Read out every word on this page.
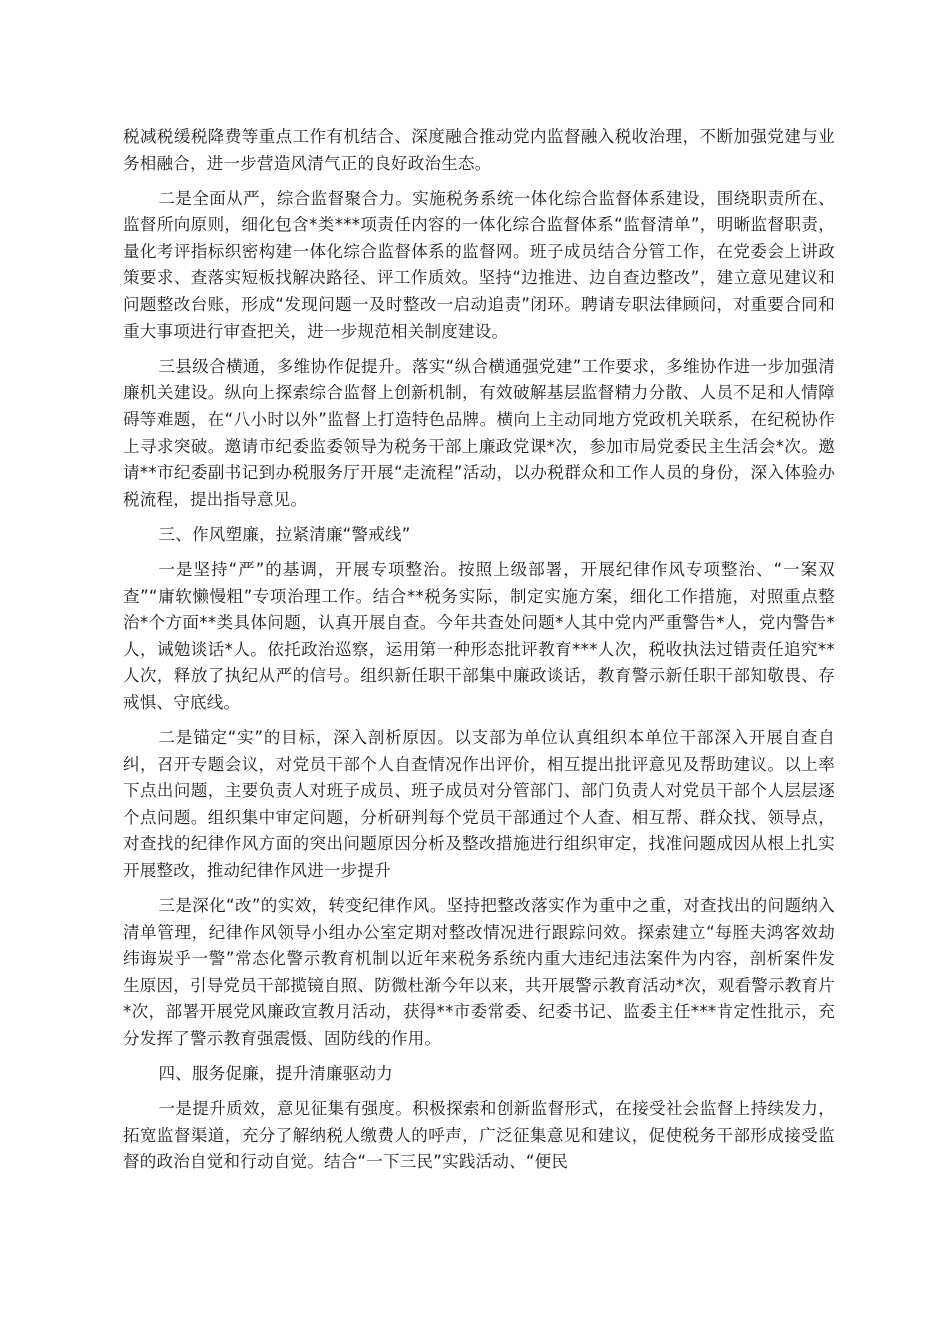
税减税缓税降费等重点工作有机结合、深度融合推动党内监督融入税收治理，不断加强党建与业务相融合，进一步营造风清气正的良好政治生态。

二是全面从严，综合监督聚合力。实施税务系统一体化综合监督体系建设，围绕职责所在、监督所向原则，细化包含*类***项责任内容的一体化综合监督体系“监督清单”，明晰监督职责，量化考评指标织密构建一体化综合监督体系的监督网。班子成员结合分管工作，在党委会上讲政策要求、查落实短板找解决路径、评工作质效。坚持“边推进、边自查边整改”，建立意见建议和问题整改台账，形成“发现问题一及时整改一启动追责”闭环。聘请专职法律顾问，对重要合同和重大事项进行审查把关，进一步规范相关制度建设。

三县级合横通，多维协作促提升。落实“纵合横通强党建”工作要求，多维协作进一步加强清廉机关建设。纵向上探索综合监督上创新机制，有效破解基层监督精力分散、人员不足和人情障碍等难题，在“八小时以外”监督上打造特色品牌。横向上主动同地方党政机关联系，在纪税协作上寻求突破。邀请市纪委监委领导为税务干部上廉政党课*次，参加市局党委民主生活会*次。邀请**市纪委副书记到办税服务厅开展“走流程”活动，以办税群众和工作人员的身份，深入体验办税流程，提出指导意见。

三、作风塑廉，拉紧清廉“警戒线”

一是坚持“严”的基调，开展专项整治。按照上级部署，开展纪律作风专项整治、“一案双查”“庸软懒慢粗”专项治理工作。结合**税务实际，制定实施方案，细化工作措施，对照重点整治*个方面**类具体问题，认真开展自查。今年共查处问题*人其中党内严重警告*人，党内警告*人，诫勉谈话*人。依托政治巡察，运用第一种形态批评教育***人次，税收执法过错责任追究**人次，释放了执纪从严的信号。组织新任职干部集中廉政谈话，教育警示新任职干部知敬畏、存戒惧、守底线。

二是锚定“实”的目标，深入剖析原因。以支部为单位认真组织本单位干部深入开展自查自纠，召开专题会议，对党员干部个人自查情况作出评价，相互提出批评意见及帮助建议。以上率下点出问题，主要负责人对班子成员、班子成员对分管部门、部门负责人对党员干部个人层层逐个点问题。组织集中审定问题，分析研判每个党员干部通过个人查、相互帮、群众找、领导点，对查找的纪律作风方面的突出问题原因分析及整改措施进行组织审定，找准问题成因从根上扎实开展整改，推动纪律作风进一步提升

三是深化“改”的实效，转变纪律作风。坚持把整改落实作为重中之重，对查找出的问题纳入清单管理，纪律作风领导小组办公室定期对整改情况进行跟踪问效。探索建立“每胵夫鸿客效劫纬诲炭乎一警”常态化警示教育机制以近年来税务系统内重大违纪违法案件为内容，剖析案件发生原因，引导党员干部揽镜自照、防微杜渐今年以来，共开展警示教育活动*次，观看警示教育片*次，部署开展党风廉政宣教月活动，获得**市委常委、纪委书记、监委主任***肯定性批示，充分发挥了警示教育强震慑、固防线的作用。

四、服务促廉，提升清廉驱动力

一是提升质效，意见征集有强度。积极探索和创新监督形式，在接受社会监督上持续发力，拓宽监督渠道，充分了解纳税人缴费人的呼声，广泛征集意见和建议，促使税务干部形成接受监督的政治自觉和行动自觉。结合“一下三民”实践活动、“便民
